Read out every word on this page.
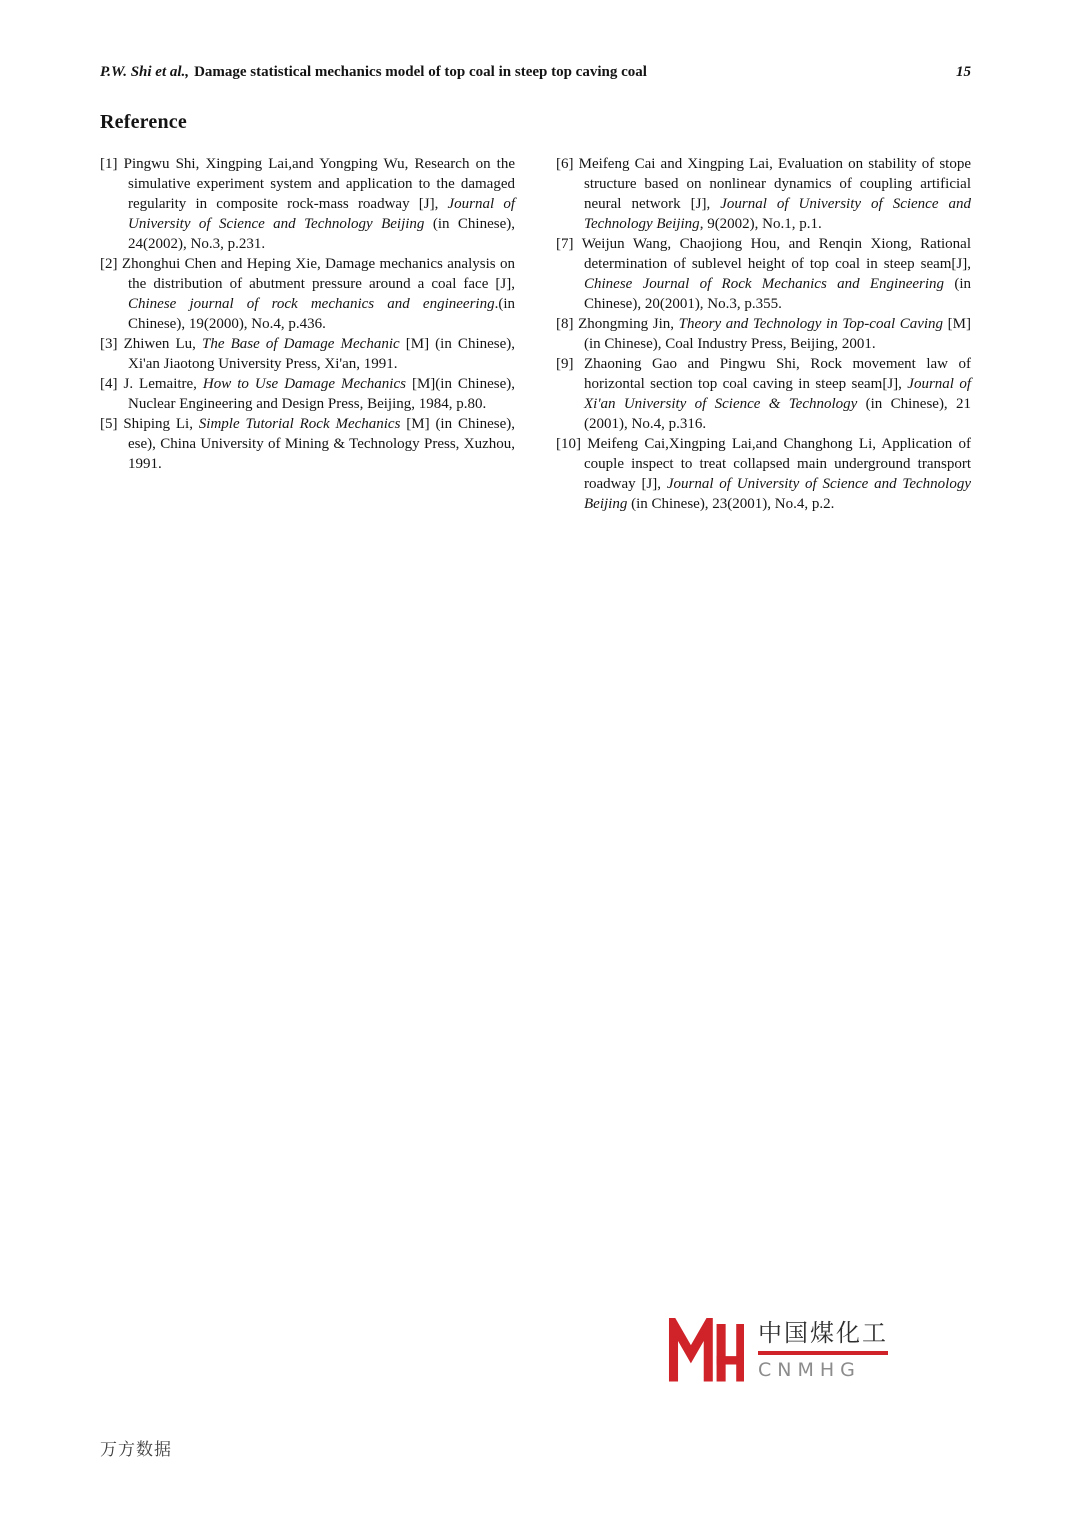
P.W. Shi et al., Damage statistical mechanics model of top coal in steep top caving coal	15
Reference

[1] Pingwu Shi, Xingping Lai,and Yongping Wu, Research on the simulative experiment system and application to the damaged regularity in composite rock-mass roadway [J], Journal of University of Science and Technology Beijing (in Chinese), 24(2002), No.3, p.231.

[2] Zhonghui Chen and Heping Xie, Damage mechanics analysis on the distribution of abutment pressure around a coal face [J], Chinese journal of rock mechanics and engineering.(in Chinese), 19(2000), No.4, p.436.

[3] Zhiwen Lu, The Base of Damage Mechanic [M] (in Chinese), Xi'an Jiaotong University Press, Xi'an, 1991.

[4] J. Lemaitre, How to Use Damage Mechanics [M](in Chinese), Nuclear Engineering and Design Press, Beijing, 1984, p.80.

[5] Shiping Li, Simple Tutorial Rock Mechanics [M] (in Chinese), ese), China University of Mining & Technology Press, Xuzhou, 1991.

[6] Meifeng Cai and Xingping Lai, Evaluation on stability of stope structure based on nonlinear dynamics of coupling artificial neural network [J], Journal of University of Science and Technology Beijing, 9(2002), No.1, p.1.

[7] Weijun Wang, Chaojiong Hou, and Renqin Xiong, Rational determination of sublevel height of top coal in steep seam[J], Chinese Journal of Rock Mechanics and Engineering (in Chinese), 20(2001), No.3, p.355.

[8] Zhongming Jin, Theory and Technology in Top-coal Caving [M] (in Chinese), Coal Industry Press, Beijing, 2001.

[9] Zhaoning Gao and Pingwu Shi, Rock movement law of horizontal section top coal caving in steep seam[J], Journal of Xi'an University of Science & Technology (in Chinese), 21 (2001), No.4, p.316.

[10] Meifeng Cai,Xingping Lai,and Changhong Li, Application of couple inspect to treat collapsed main underground transport roadway [J], Journal of University of Science and Technology Beijing (in Chinese), 23(2001), No.4, p.2.

中国煤化工
CNMHG
万方数据
